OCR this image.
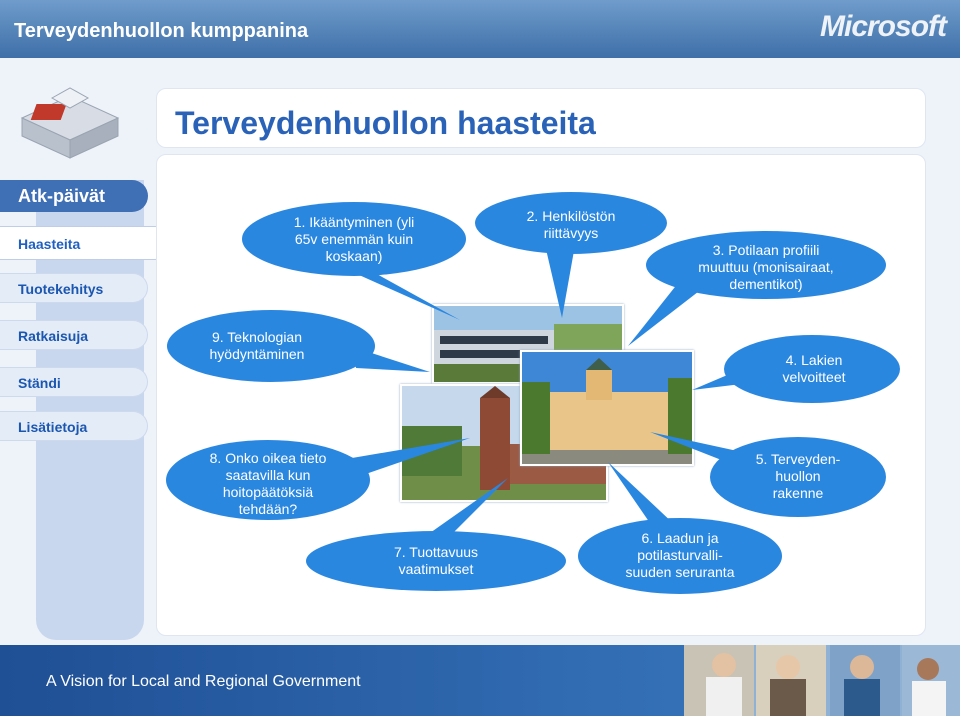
Terveydenhuollon kumppanina	Microsoft
Atk-päivät
Haasteita
Tuotekehitys
Ratkaisuja
Ständi
Lisätietoja
Terveydenhuollon haasteita
1. Ikääntyminen (yli
65v enemmän kuin
koskaan)
2. Henkilöstön
riittävyys
3. Potilaan profiili
muuttuu (monisairaat,
dementikot)
4. Lakien
velvoitteet
5. Terveyden-
huollon
rakenne
6. Laadun ja
potilasturvalli-
suuden seruranta
7. Tuottavuus
vaatimukset
8. Onko oikea tieto
saatavilla kun
hoitopäätöksiä
tehdään?
9. Teknologian
hyödyntäminen
A Vision for Local and Regional Government
